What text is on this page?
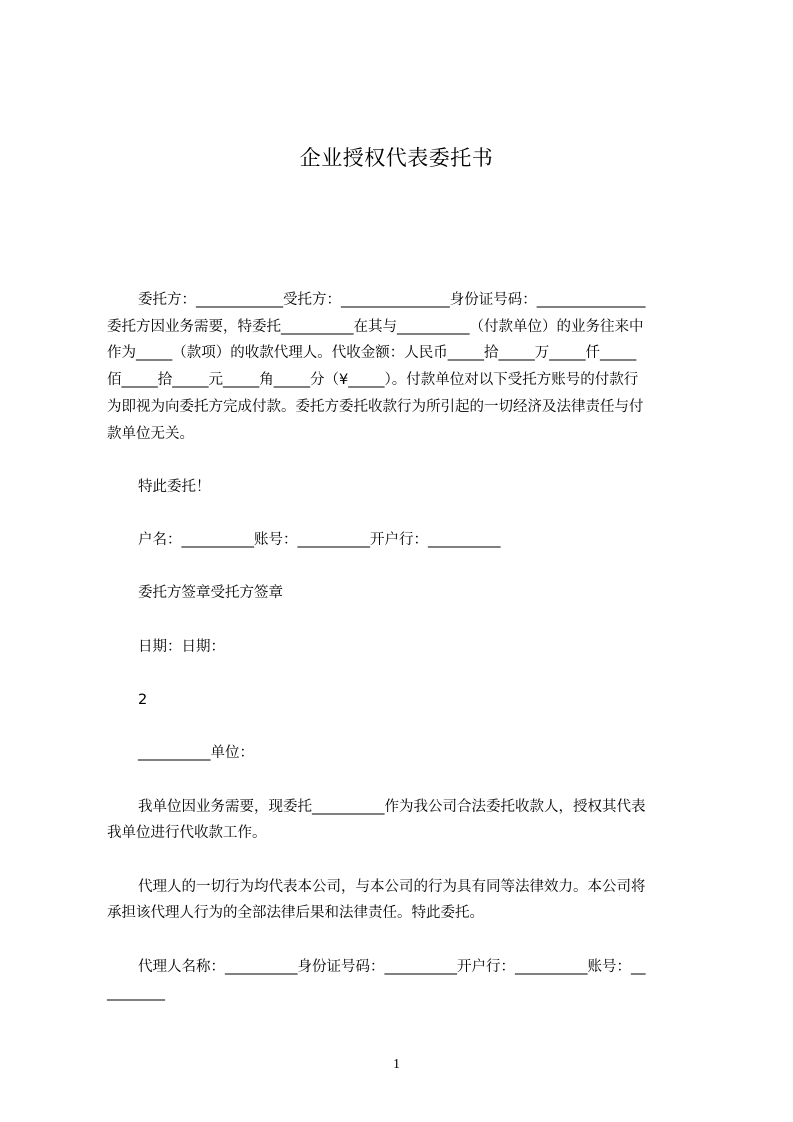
企业授权代表委托书
委托方：____________受托方：_______________身份证号码：_______________
委托方因业务需要，特委托__________在其与__________（付款单位）的业务往来中
作为_____（款项）的收款代理人。代收金额：人民币_____拾_____万_____仟_____
佰_____拾_____元_____角_____分（¥_____）。付款单位对以下受托方账号的付款行
为即视为向委托方完成付款。委托方委托收款行为所引起的一切经济及法律责任与付
款单位无关。
特此委托！
户名：__________账号：__________开户行：__________
委托方签章受托方签章
日期：日期：
2
__________单位：
我单位因业务需要，现委托__________作为我公司合法委托收款人，授权其代表
我单位进行代收款工作。
代理人的一切行为均代表本公司，与本公司的行为具有同等法律效力。本公司将
承担该代理人行为的全部法律后果和法律责任。特此委托。
代理人名称：__________身份证号码：__________开户行：__________账号：__
________
1
